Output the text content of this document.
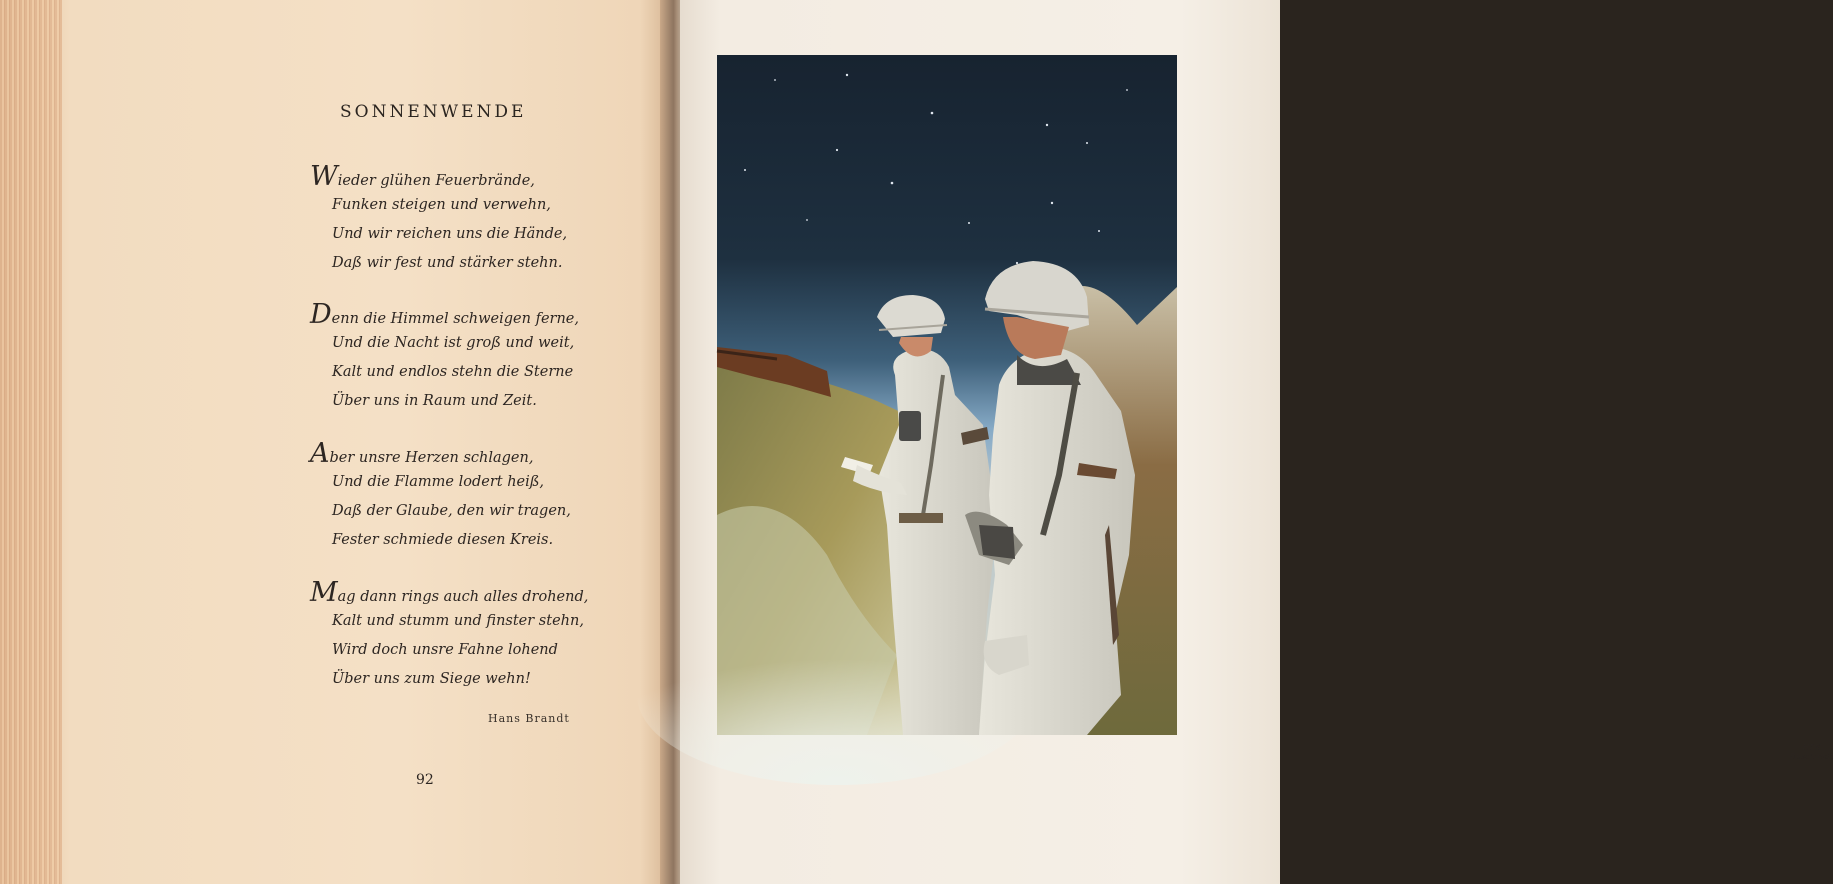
SONNENWENDE
Wieder glühen Feuerbrände,
Funken steigen und verwehn,
Und wir reichen uns die Hände,
Daß wir fest und stärker stehn.
Denn die Himmel schweigen ferne,
Und die Nacht ist groß und weit,
Kalt und endlos stehn die Sterne
Über uns in Raum und Zeit.
Aber unsre Herzen schlagen,
Und die Flamme lodert heiß,
Daß der Glaube, den wir tragen,
Fester schmiede diesen Kreis.
Mag dann rings auch alles drohend,
Kalt und stumm und finster stehn,
Wird doch unsre Fahne lohend
Über uns zum Siege wehn!
Hans Brandt
92
HPK
Buschmidt
